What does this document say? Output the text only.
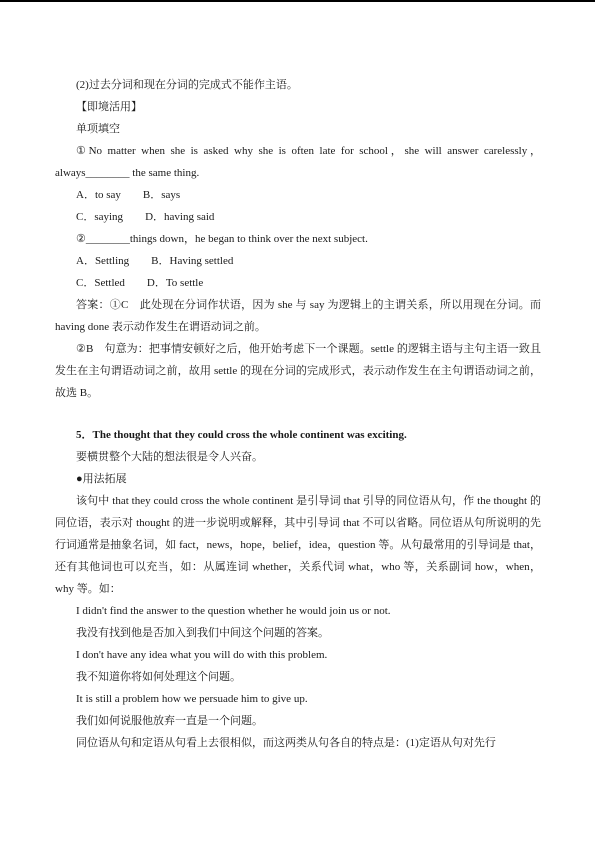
(2)过去分词和现在分词的完成式不能作主语。

【即境活用】

单项填空

①No matter when she is asked why she is often late for school，she will answer carelessly，always________ the same thing.

A．to say B．says

C．saying D．having said

②________things down，he began to think over the next subject.

A．Settling B．Having settled

C．Settled D．To settle

答案：①C　此处现在分词作状语，因为 she 与 say 为逻辑上的主谓关系，所以用现在分词。而 having done 表示动作发生在谓语动词之前。

②B　句意为：把事情安顿好之后，他开始考虑下一个课题。settle 的逻辑主语与主句主语一致且发生在主句谓语动词之前，故用 settle 的现在分词的完成形式，表示动作发生在主句谓语动词之前，故选 B。

5．The thought that they could cross the whole continent was exciting.

要横贯整个大陆的想法很是令人兴奋。

●用法拓展

该句中 that they could cross the whole continent 是引导词 that 引导的同位语从句，作 the thought 的同位语，表示对 thought 的进一步说明或解释，其中引导词 that 不可以省略。同位语从句所说明的先行词通常是抽象名词，如 fact，news，hope，belief，idea，question 等。从句最常用的引导词是 that，还有其他词也可以充当，如：从属连词 whether，关系代词 what，who 等，关系副词 how，when，why 等。如：

I didn't find the answer to the question whether he would join us or not.

我没有找到他是否加入到我们中间这个问题的答案。

I don't have any idea what you will do with this problem.

我不知道你将如何处理这个问题。

It is still a problem how we persuade him to give up.

我们如何说服他放弃一直是一个问题。

同位语从句和定语从句看上去很相似，而这两类从句各自的特点是：(1)定语从句对先行
